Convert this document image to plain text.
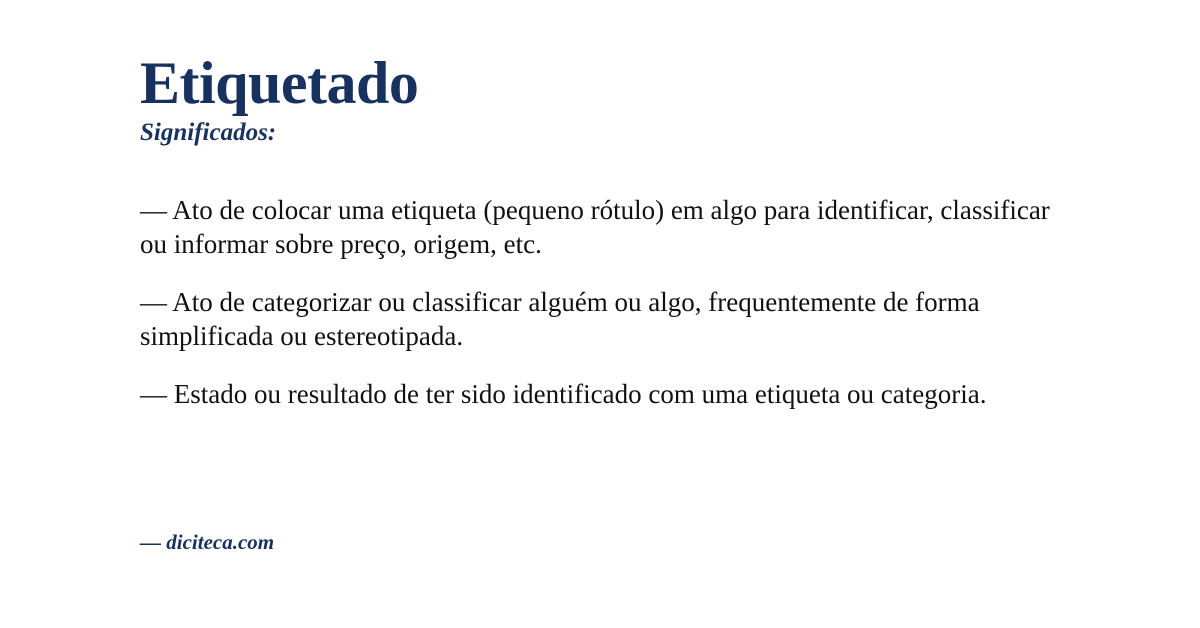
Etiquetado
Significados:

— Ato de colocar uma etiqueta (pequeno rótulo) em algo para identificar, classificar ou informar sobre preço, origem, etc.

— Ato de categorizar ou classificar alguém ou algo, frequentemente de forma simplificada ou estereotipada.

— Estado ou resultado de ter sido identificado com uma etiqueta ou categoria.

— diciteca.com
